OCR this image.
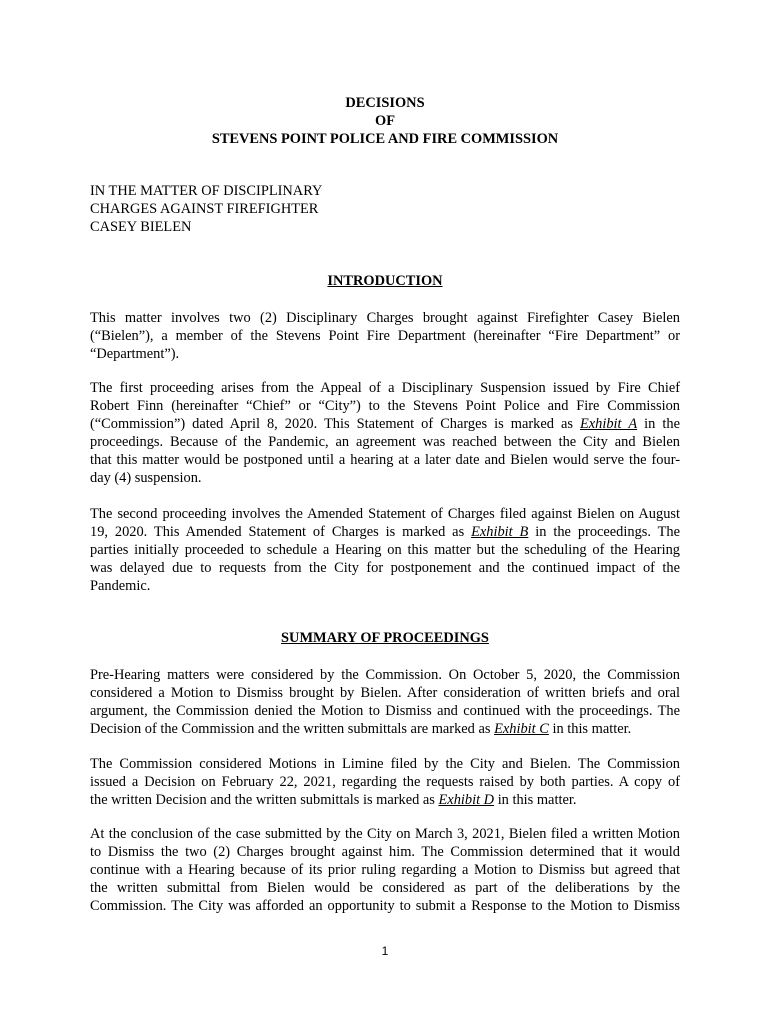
DECISIONS
OF
STEVENS POINT POLICE AND FIRE COMMISSION
IN THE MATTER OF DISCIPLINARY
CHARGES AGAINST FIREFIGHTER
CASEY BIELEN
INTRODUCTION
This matter involves two (2) Disciplinary Charges brought against Firefighter Casey Bielen
(“Bielen”), a member of the Stevens Point Fire Department (hereinafter “Fire Department” or
“Department”).
The first proceeding arises from the Appeal of a Disciplinary Suspension issued by Fire Chief
Robert Finn (hereinafter “Chief” or “City”) to the Stevens Point Police and Fire Commission
(“Commission”) dated April 8, 2020. This Statement of Charges is marked as Exhibit A in the
proceedings. Because of the Pandemic, an agreement was reached between the City and Bielen
that this matter would be postponed until a hearing at a later date and Bielen would serve the four-
day (4) suspension.
The second proceeding involves the Amended Statement of Charges filed against Bielen on August
19, 2020. This Amended Statement of Charges is marked as Exhibit B in the proceedings. The
parties initially proceeded to schedule a Hearing on this matter but the scheduling of the Hearing
was delayed due to requests from the City for postponement and the continued impact of the
Pandemic.
SUMMARY OF PROCEEDINGS
Pre-Hearing matters were considered by the Commission. On October 5, 2020, the Commission
considered a Motion to Dismiss brought by Bielen. After consideration of written briefs and oral
argument, the Commission denied the Motion to Dismiss and continued with the proceedings. The
Decision of the Commission and the written submittals are marked as Exhibit C in this matter.
The Commission considered Motions in Limine filed by the City and Bielen. The Commission
issued a Decision on February 22, 2021, regarding the requests raised by both parties. A copy of
the written Decision and the written submittals is marked as Exhibit D in this matter.
At the conclusion of the case submitted by the City on March 3, 2021, Bielen filed a written Motion
to Dismiss the two (2) Charges brought against him. The Commission determined that it would
continue with a Hearing because of its prior ruling regarding a Motion to Dismiss but agreed that
the written submittal from Bielen would be considered as part of the deliberations by the
Commission. The City was afforded an opportunity to submit a Response to the Motion to Dismiss
1
